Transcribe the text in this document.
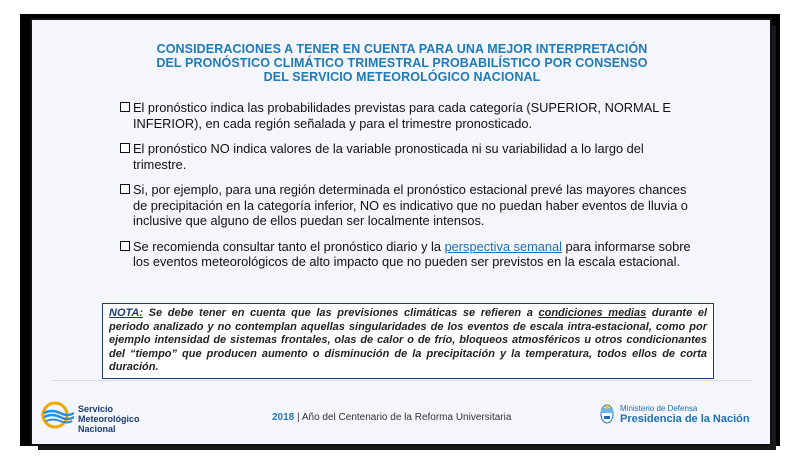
CONSIDERACIONES A TENER EN CUENTA PARA UNA MEJOR INTERPRETACIÓN
DEL PRONÓSTICO CLIMÁTICO TRIMESTRAL PROBABILÍSTICO POR CONSENSO
DEL SERVICIO METEOROLÓGICO NACIONAL
El pronóstico indica las probabilidades previstas para cada categoría (SUPERIOR, NORMAL E INFERIOR), en cada región señalada y para el trimestre pronosticado.
El pronóstico NO indica valores de la variable pronosticada ni su variabilidad a lo largo del trimestre.
Si, por ejemplo, para una región determinada el pronóstico estacional prevé las mayores chances de precipitación en la categoría inferior, NO es indicativo que no puedan haber eventos de lluvia o inclusive que alguno de ellos puedan ser localmente intensos.
Se recomienda consultar tanto el pronóstico diario y la perspectiva semanal para informarse sobre los eventos meteorológicos de alto impacto que no pueden ser previstos en la escala estacional.
NOTA: Se debe tener en cuenta que las previsiones climáticas se refieren a condiciones medias durante el periodo analizado y no contemplan aquellas singularidades de los eventos de escala intra-estacional, como por ejemplo intensidad de sistemas frontales, olas de calor o de frío, bloqueos atmosféricos u otros condicionantes del “tiempo” que producen aumento o disminución de la precipitación y la temperatura, todos ellos de corta duración.
Servicio
Meteorológico
Nacional
2018 | Año del Centenario de la Reforma Universitaria
Ministerio de Defensa
Presidencia de la Nación
